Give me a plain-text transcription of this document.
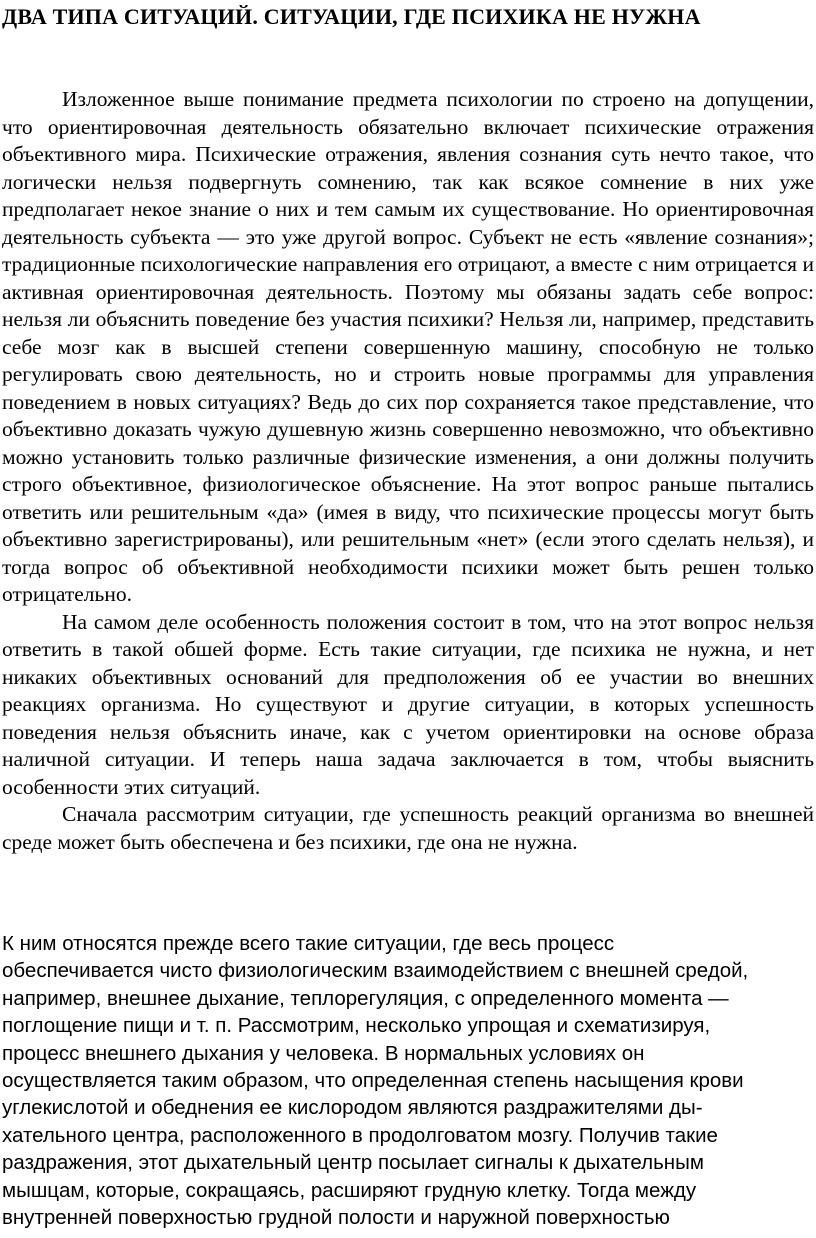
ДВА ТИПА СИТУАЦИЙ. СИТУАЦИИ, ГДЕ ПСИХИКА НЕ НУЖНА

Изложенное выше понимание предмета психологии по строено на допущении, что ориентировочная деятельность обязательно включает психические отражения объективного мира. Психические отражения, явления сознания суть нечто такое, что логически нельзя подвергнуть сомнению, так как всякое сомнение в них уже предполагает некое знание о них и тем самым их существование. Но ориентировочная деятельность субъекта — это уже другой вопрос. Субъект не есть «явление сознания»; традиционные психологические направления его отрицают, а вместе с ним отрицается и активная ориентировочная деятельность. Поэтому мы обязаны задать себе вопрос: нельзя ли объяснить поведение без участия психики? Нельзя ли, например, представить себе мозг как в высшей степени совершенную машину, способную не только регулировать свою деятельность, но и строить новые программы для управления поведением в новых ситуациях? Ведь до сих пор сохраняется такое представление, что объективно доказать чужую душевную жизнь совершенно невозможно, что объективно можно установить только различные физические изменения, а они должны получить строго объективное, физиологическое объяснение. На этот вопрос раньше пытались ответить или решительным «да» (имея в виду, что психические процессы могут быть объективно зарегистрированы), или решительным «нет» (если этого сделать нельзя), и тогда вопрос об объективной необходимости психики может быть решен только отрицательно.

На самом деле особенность положения состоит в том, что на этот вопрос нельзя ответить в такой обшей форме. Есть такие ситуации, где психика не нужна, и нет никаких объективных оснований для предположения об ее участии во внешних реакциях организма. Но существуют и другие ситуации, в которых успешность поведения нельзя объяснить иначе, как с учетом ориентировки на основе образа наличной ситуации. И теперь наша задача заключается в том, чтобы выяснить особенности этих ситуаций.

Сначала рассмотрим ситуации, где успешность реакций организма во внешней среде может быть обеспечена и без психики, где она не нужна.

К ним относятся прежде всего такие ситуации, где весь процесс
обеспечивается чисто физиологическим взаимодействием с внешней средой,
например, внешнее дыхание, теплорегуляция, с определенного момента —
поглощение пищи и т. п. Рассмотрим, несколько упрощая и схематизируя,
процесс внешнего дыхания у человека. В нормальных условиях он
осуществляется таким образом, что определенная степень насыщения крови
углекислотой и обеднения ее кислородом являются раздражителями ды-
хательного центра, расположенного в продолговатом мозгу. Получив такие
раздражения, этот дыхательный центр посылает сигналы к дыхательным
мышцам, которые, сокращаясь, расширяют грудную клетку. Тогда между
внутренней поверхностью грудной полости и наружной поверхностью
